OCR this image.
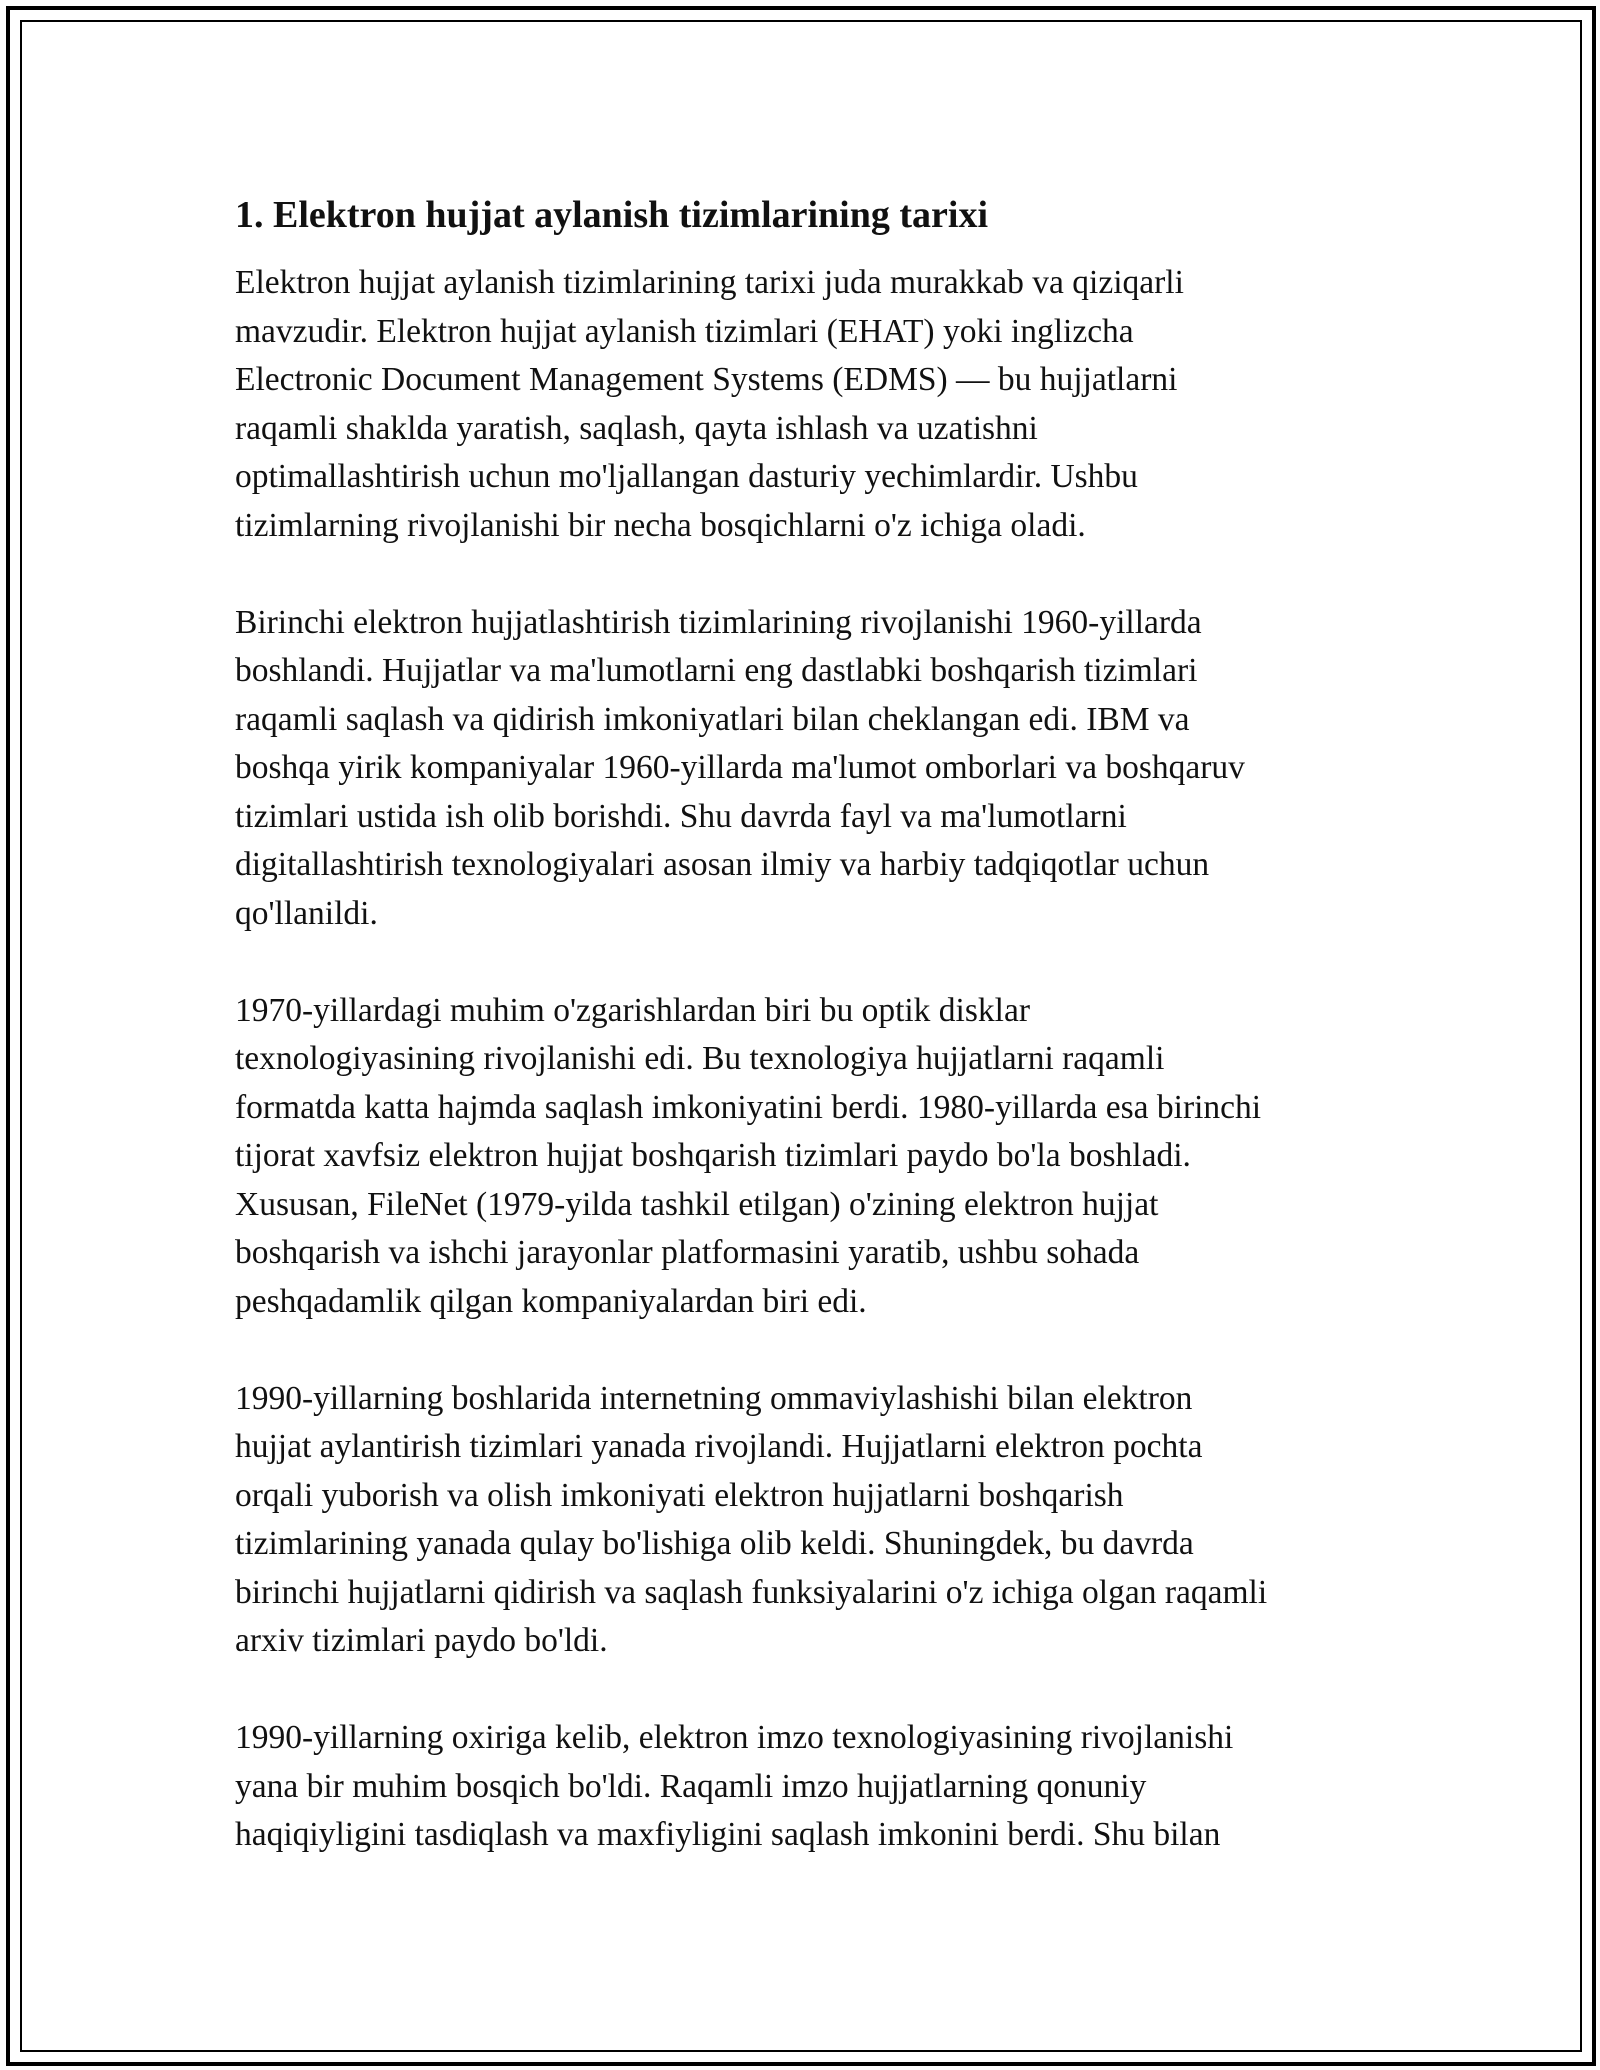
1. Elektron hujjat aylanish tizimlarining tarixi

Elektron hujjat aylanish tizimlarining tarixi juda murakkab va qiziqarli
mavzudir. Elektron hujjat aylanish tizimlari (EHAT) yoki inglizcha
Electronic Document Management Systems (EDMS) — bu hujjatlarni
raqamli shaklda yaratish, saqlash, qayta ishlash va uzatishni
optimallashtirish uchun mo'ljallangan dasturiy yechimlardir. Ushbu
tizimlarning rivojlanishi bir necha bosqichlarni o'z ichiga oladi.

Birinchi elektron hujjatlashtirish tizimlarining rivojlanishi 1960-yillarda
boshlandi. Hujjatlar va ma'lumotlarni eng dastlabki boshqarish tizimlari
raqamli saqlash va qidirish imkoniyatlari bilan cheklangan edi. IBM va
boshqa yirik kompaniyalar 1960-yillarda ma'lumot omborlari va boshqaruv
tizimlari ustida ish olib borishdi. Shu davrda fayl va ma'lumotlarni
digitallashtirish texnologiyalari asosan ilmiy va harbiy tadqiqotlar uchun
qo'llanildi.

1970-yillardagi muhim o'zgarishlardan biri bu optik disklar
texnologiyasining rivojlanishi edi. Bu texnologiya hujjatlarni raqamli
formatda katta hajmda saqlash imkoniyatini berdi. 1980-yillarda esa birinchi
tijorat xavfsiz elektron hujjat boshqarish tizimlari paydo bo'la boshladi.
Xususan, FileNet (1979-yilda tashkil etilgan) o'zining elektron hujjat
boshqarish va ishchi jarayonlar platformasini yaratib, ushbu sohada
peshqadamlik qilgan kompaniyalardan biri edi.

1990-yillarning boshlarida internetning ommaviylashishi bilan elektron
hujjat aylantirish tizimlari yanada rivojlandi. Hujjatlarni elektron pochta
orqali yuborish va olish imkoniyati elektron hujjatlarni boshqarish
tizimlarining yanada qulay bo'lishiga olib keldi. Shuningdek, bu davrda
birinchi hujjatlarni qidirish va saqlash funksiyalarini o'z ichiga olgan raqamli
arxiv tizimlari paydo bo'ldi.

1990-yillarning oxiriga kelib, elektron imzo texnologiyasining rivojlanishi
yana bir muhim bosqich bo'ldi. Raqamli imzo hujjatlarning qonuniy
haqiqiyligini tasdiqlash va maxfiyligini saqlash imkonini berdi. Shu bilan
